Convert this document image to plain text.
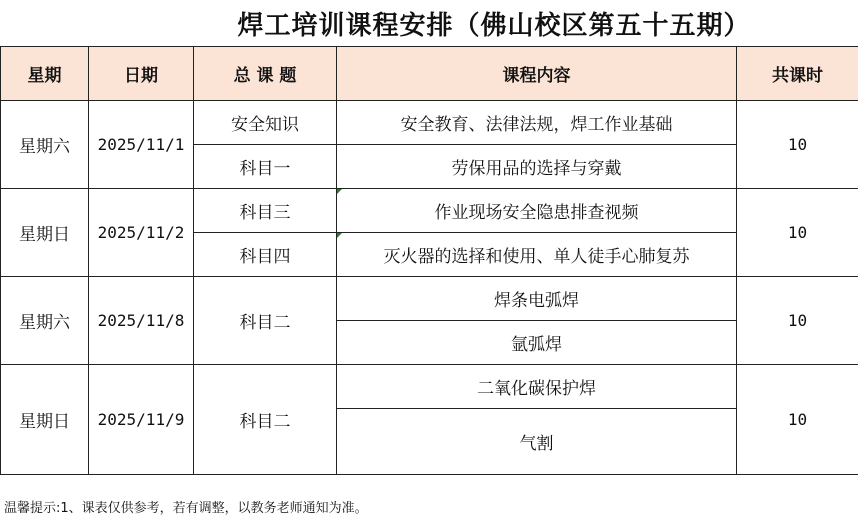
焊工培训课程安排（佛山校区第五十五期）
星期	日期	总 课 题	课程内容	共课时
星期六	2025/11/1	安全知识	安全教育、法律法规，焊工作业基础	10
		科目一	劳保用品的选择与穿戴	
星期日	2025/11/2	科目三	作业现场安全隐患排查视频	10
		科目四	灭火器的选择和使用、单人徒手心肺复苏	
星期六	2025/11/8	科目二	焊条电弧焊	10
			氩弧焊	
星期日	2025/11/9	科目二	二氧化碳保护焊	10
			气割	
温馨提示:1、课表仅供参考，若有调整，以教务老师通知为准。
